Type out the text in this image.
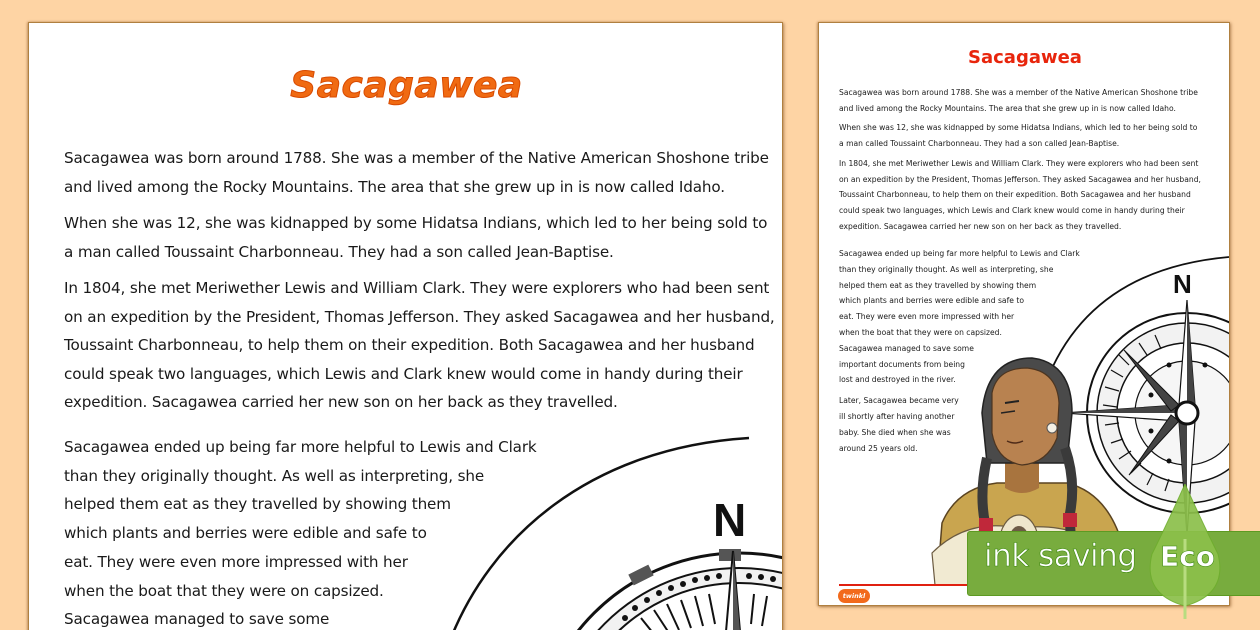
Sacagawea

Sacagawea was born around 1788. She was a member of the Native American Shoshone tribe
and lived among the Rocky Mountains. The area that she grew up in is now called Idaho.

When she was 12, she was kidnapped by some Hidatsa Indians, which led to her being sold to
a man called Toussaint Charbonneau. They had a son called Jean-Baptise.

In 1804, she met Meriwether Lewis and William Clark. They were explorers who had been sent
on an expedition by the President, Thomas Jefferson. They asked Sacagawea and her husband,
Toussaint Charbonneau, to help them on their expedition. Both Sacagawea and her husband
could speak two languages, which Lewis and Clark knew would come in handy during their
expedition. Sacagawea carried her new son on her back as they travelled.

Sacagawea ended up being far more helpful to Lewis and Clark
than they originally thought. As well as interpreting, she
helped them eat as they travelled by showing them
which plants and berries were edible and safe to
eat. They were even more impressed with her
when the boat that they were on capsized.
Sacagawea managed to save some
N
Sacagawea

Sacagawea was born around 1788. She was a member of the Native American Shoshone tribe
and lived among the Rocky Mountains. The area that she grew up in is now called Idaho.

When she was 12, she was kidnapped by some Hidatsa Indians, which led to her being sold to
a man called Toussaint Charbonneau. They had a son called Jean-Baptise.

In 1804, she met Meriwether Lewis and William Clark. They were explorers who had been sent
on an expedition by the President, Thomas Jefferson. They asked Sacagawea and her husband,
Toussaint Charbonneau, to help them on their expedition. Both Sacagawea and her husband
could speak two languages, which Lewis and Clark knew would come in handy during their
expedition. Sacagawea carried her new son on her back as they travelled.

Sacagawea ended up being far more helpful to Lewis and Clark
than they originally thought. As well as interpreting, she
helped them eat as they travelled by showing them
which plants and berries were edible and safe to
eat. They were even more impressed with her
when the boat that they were on capsized.
Sacagawea managed to save some
important documents from being
lost and destroyed in the river.

Later, Sacagawea became very
ill shortly after having another
baby. She died when she was
around 25 years old.

N
twinkl
ink saving Eco
